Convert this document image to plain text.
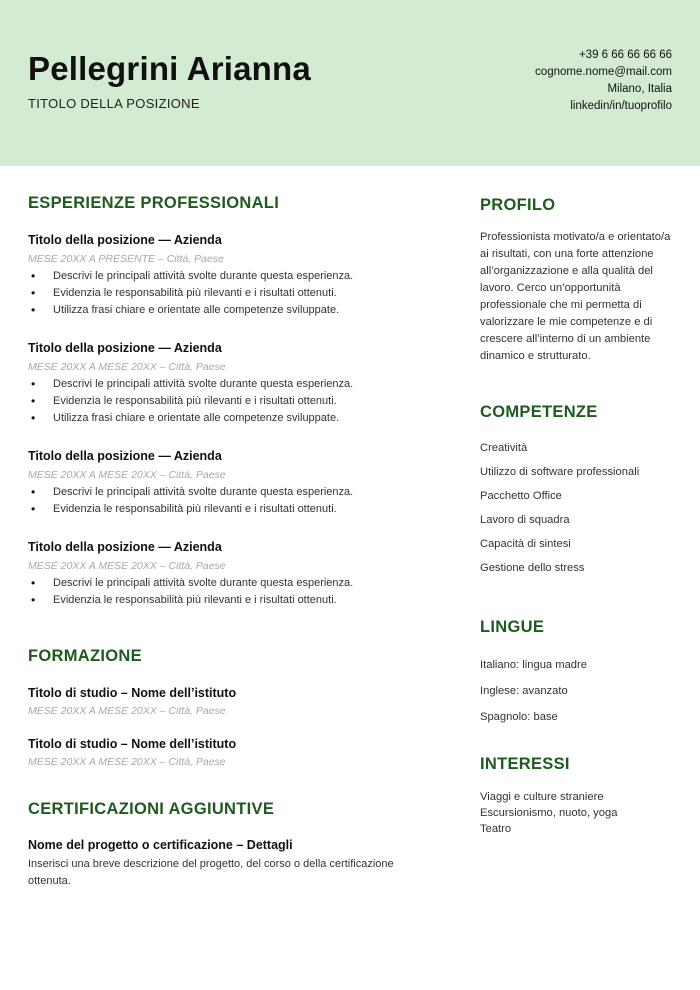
Pellegrini Arianna
TITOLO DELLA POSIZIONE
+39 6 66 66 66 66
cognome.nome@mail.com
Milano, Italia
linkedin/in/tuoprofilo
ESPERIENZE PROFESSIONALI
Titolo della posizione — Azienda
MESE 20XX A PRESENTE – Città, Paese
• Descrivi le principali attività svolte durante questa esperienza.
• Evidenzia le responsabilità più rilevanti e i risultati ottenuti.
• Utilizza frasi chiare e orientate alle competenze sviluppate.
Titolo della posizione — Azienda
MESE 20XX A MESE 20XX – Città, Paese
• Descrivi le principali attività svolte durante questa esperienza.
• Evidenzia le responsabilità più rilevanti e i risultati ottenuti.
• Utilizza frasi chiare e orientate alle competenze sviluppate.
Titolo della posizione — Azienda
MESE 20XX A MESE 20XX – Città, Paese
• Descrivi le principali attività svolte durante questa esperienza.
• Evidenzia le responsabilità più rilevanti e i risultati ottenuti.
Titolo della posizione — Azienda
MESE 20XX A MESE 20XX – Città, Paese
• Descrivi le principali attività svolte durante questa esperienza.
• Evidenzia le responsabilità più rilevanti e i risultati ottenuti.
FORMAZIONE
Titolo di studio – Nome dell’istituto
MESE 20XX A MESE 20XX – Città, Paese
Titolo di studio – Nome dell’istituto
MESE 20XX A MESE 20XX – Città, Paese
CERTIFICAZIONI AGGIUNTIVE
Nome del progetto o certificazione – Dettagli
Inserisci una breve descrizione del progetto, del corso o della certificazione ottenuta.
PROFILO
Professionista motivato/a e orientato/a ai risultati, con una forte attenzione all’organizzazione e alla qualità del lavoro. Cerco un’opportunità professionale che mi permetta di valorizzare le mie competenze e di crescere all’interno di un ambiente dinamico e strutturato.
COMPETENZE
Creatività
Utilizzo di software professionali
Pacchetto Office
Lavoro di squadra
Capacità di sintesi
Gestione dello stress
LINGUE
Italiano: lingua madre
Inglese: avanzato
Spagnolo: base
INTERESSI
Viaggi e culture straniere
Escursionismo, nuoto, yoga
Teatro
